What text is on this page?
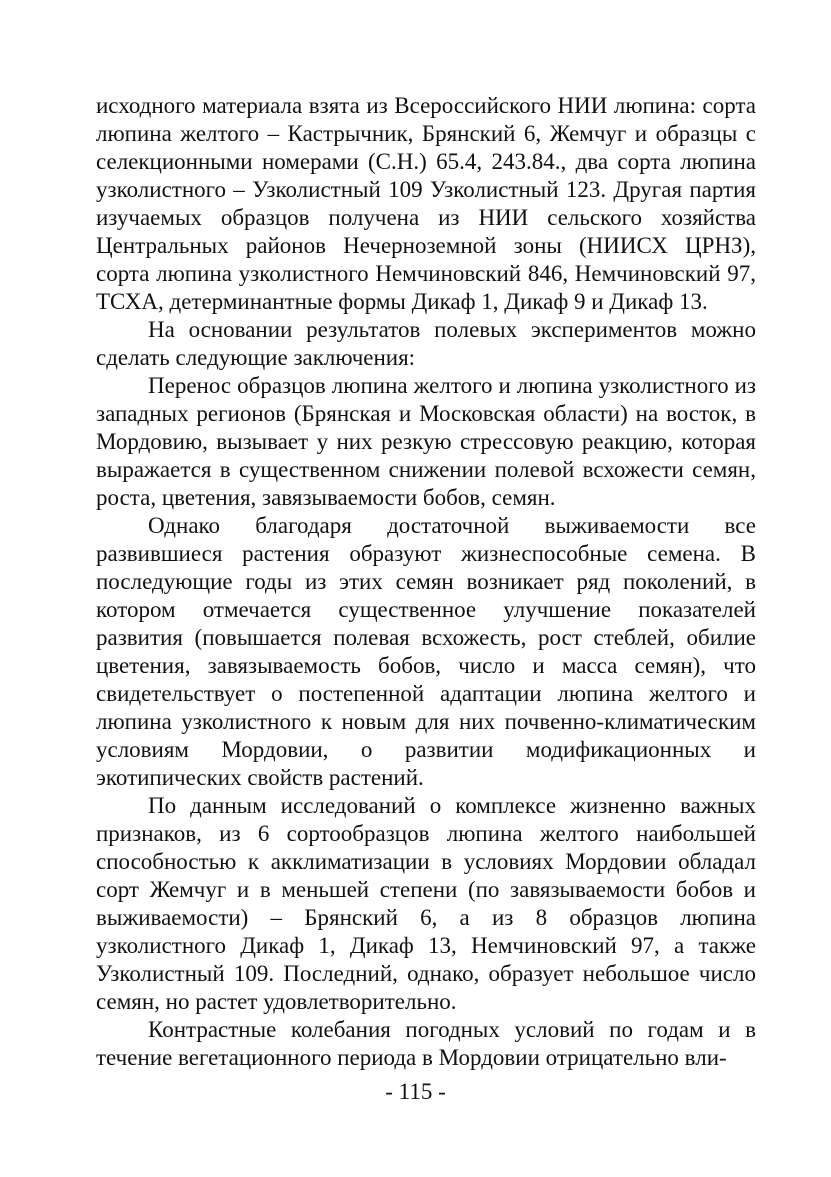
исходного материала взята из Всероссийского НИИ люпина: сорта люпина желтого – Кастрычник, Брянский 6, Жемчуг и образцы с селекционными номерами (С.Н.) 65.4, 243.84., два сорта люпина узколистного – Узколистный 109 Узколистный 123. Другая партия изучаемых образцов получена из НИИ сельского хозяйства Центральных районов Нечерноземной зоны (НИИСХ ЦРНЗ), сорта люпина узколистного Немчиновский 846, Немчиновский 97, ТСХА, детерминантные формы Дикаф 1, Дикаф 9 и Дикаф 13.

На основании результатов полевых экспериментов можно сделать следующие заключения:

Перенос образцов люпина желтого и люпина узколистного из западных регионов (Брянская и Московская области) на восток, в Мордовию, вызывает у них резкую стрессовую реакцию, которая выражается в существенном снижении полевой всхожести семян, роста, цветения, завязываемости бобов, семян.

Однако благодаря достаточной выживаемости все развившиеся растения образуют жизнеспособные семена. В последующие годы из этих семян возникает ряд поколений, в котором отмечается существенное улучшение показателей развития (повышается полевая всхожесть, рост стеблей, обилие цветения, завязываемость бобов, число и масса семян), что свидетельствует о постепенной адаптации люпина желтого и люпина узколистного к новым для них почвенно-климатическим условиям Мордовии, о развитии модификационных и экотипических свойств растений.

По данным исследований о комплексе жизненно важных признаков, из 6 сортообразцов люпина желтого наибольшей способностью к акклиматизации в условиях Мордовии обладал сорт Жемчуг и в меньшей степени (по завязываемости бобов и выживаемости) – Брянский 6, а из 8 образцов люпина узколистного Дикаф 1, Дикаф 13, Немчиновский 97, а также Узколистный 109. Последний, однако, образует небольшое число семян, но растет удовлетворительно.

Контрастные колебания погодных условий по годам и в течение вегетационного периода в Мордовии отрицательно вли-

- 115 -
